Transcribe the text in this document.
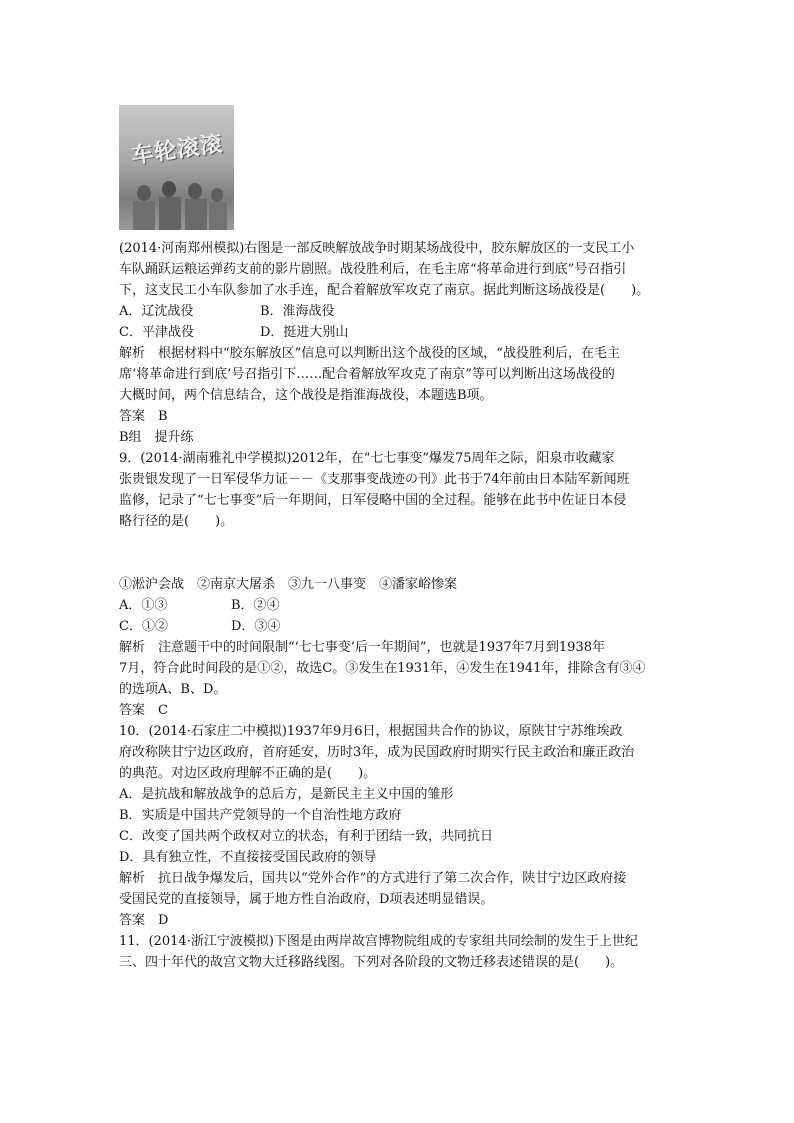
车轮滚滚
(2014·河南郑州模拟)右图是一部反映解放战争时期某场战役中，胶东解放区的一支民工小
车队踊跃运粮运弹药支前的影片剧照。战役胜利后，在毛主席“将革命进行到底”号召指引
下，这支民工小车队参加了水手连，配合着解放军攻克了南京。据此判断这场战役是(　　)。
A．辽沈战役	B．淮海战役
C．平津战役	D．挺进大别山
解析　根据材料中“胶东解放区”信息可以判断出这个战役的区域，“战役胜利后，在毛主
席‘将革命进行到底’号召指引下……配合着解放军攻克了南京”等可以判断出这场战役的
大概时间，两个信息结合，这个战役是指淮海战役，本题选B项。
答案　B
B组　提升练
9．(2014·湖南雅礼中学模拟)2012年，在“七七事变”爆发75周年之际，阳泉市收藏家
张贵银发现了一日军侵华力证－－《支那事变战迹の刊》此书于74年前由日本陆军新闻班
监修，记录了“七七事变”后一年期间，日军侵略中国的全过程。能够在此书中佐证日本侵
略行径的是(　　)。
①淞沪会战　②南京大屠杀　③九一八事变　④潘家峪惨案
A．①③	B．②④
C．①②	D．③④
解析　注意题干中的时间限制“‘七七事变’后一年期间”，也就是1937年7月到1938年
7月，符合此时间段的是①②，故选C。③发生在1931年，④发生在1941年，排除含有③④
的选项A、B、D。
答案　C
10．(2014·石家庄二中模拟)1937年9月6日，根据国共合作的协议，原陕甘宁苏维埃政
府改称陕甘宁边区政府，首府延安，历时3年，成为民国政府时期实行民主政治和廉正政治
的典范。对边区政府理解不正确的是(　　)。
A．是抗战和解放战争的总后方，是新民主主义中国的雏形
B．实质是中国共产党领导的一个自治性地方政府
C．改变了国共两个政权对立的状态，有利于团结一致，共同抗日
D．具有独立性，不直接接受国民政府的领导
解析　抗日战争爆发后，国共以“党外合作”的方式进行了第二次合作，陕甘宁边区政府接
受国民党的直接领导，属于地方性自治政府，D项表述明显错误。
答案　D
11．(2014·浙江宁波模拟)下图是由两岸故宫博物院组成的专家组共同绘制的发生于上世纪
三、四十年代的故宫文物大迁移路线图。下列对各阶段的文物迁移表述错误的是(　　)。
